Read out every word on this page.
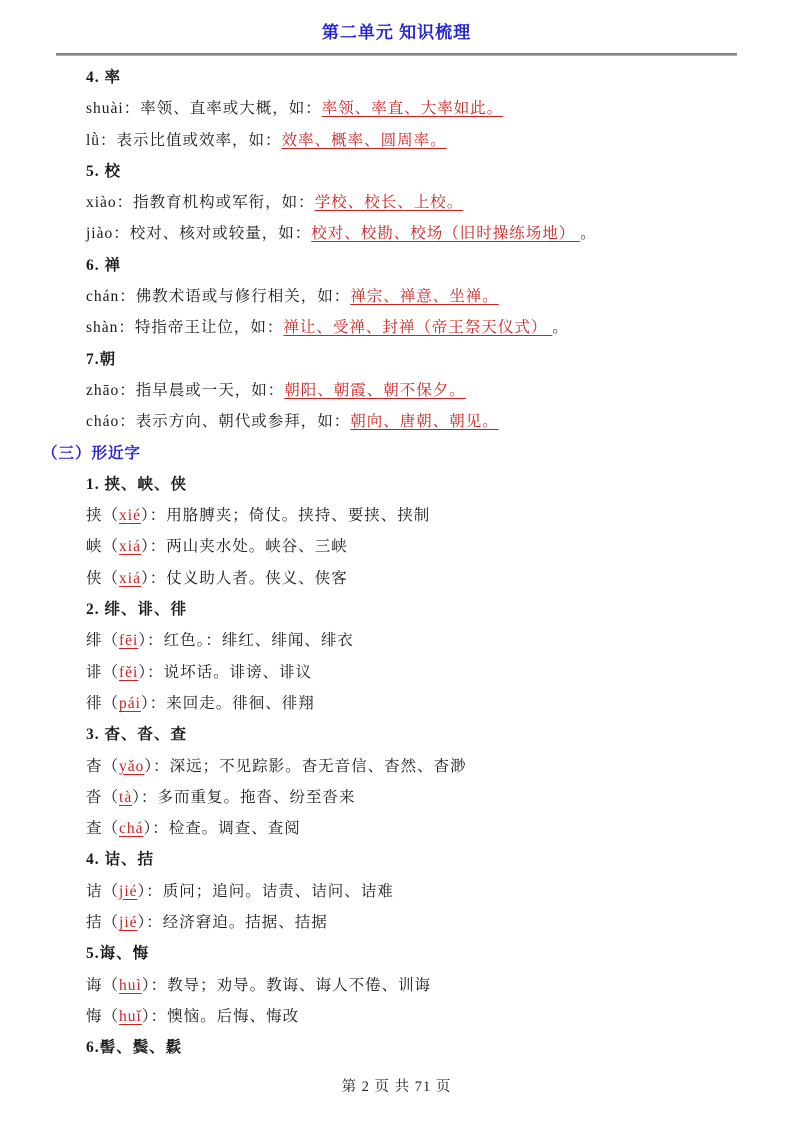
第二单元 知识梳理
4. 率
shuài：率领、直率或大概，如：率领、率直、大率如此。
lǜ：表示比值或效率，如：效率、概率、圆周率。
5. 校
xiào：指教育机构或军衔，如：学校、校长、上校。
jiào：校对、核对或较量，如：校对、校勘、校场（旧时操练场地） 。
6. 禅
chán：佛教术语或与修行相关，如：禅宗、禅意、坐禅。
shàn：特指帝王让位，如：禅让、受禅、封禅（帝王祭天仪式） 。
7.朝
zhāo：指早晨或一天，如：朝阳、朝霞、朝不保夕。
cháo：表示方向、朝代或参拜，如：朝向、唐朝、朝见。
（三）形近字
1. 挟、峡、侠
挟（xié）：用胳膊夹；倚仗。挟持、要挟、挟制
峡（xiá）：两山夹水处。峡谷、三峡
侠（xiá）：仗义助人者。侠义、侠客
2. 绯、诽、徘
绯（fēi）：红色。：绯红、绯闻、绯衣
诽（fěi）：说坏话。诽谤、诽议
徘（pái）：来回走。徘徊、徘翔
3. 杳、沓、查
杳（yǎo）：深远；不见踪影。杳无音信、杳然、杳渺
沓（tà）：多而重复。拖沓、纷至沓来
查（chá）：检查。调查、查阅
4. 诘、拮
诘（jié）：质问；追问。诘责、诘问、诘难
拮（jié）：经济窘迫。拮据、拮据
5.诲、悔
诲（huì）：教导；劝导。教诲、诲人不倦、训诲
悔（huǐ）：懊恼。后悔、悔改
6.髻、鬓、鬏
第 2 页 共 71 页
